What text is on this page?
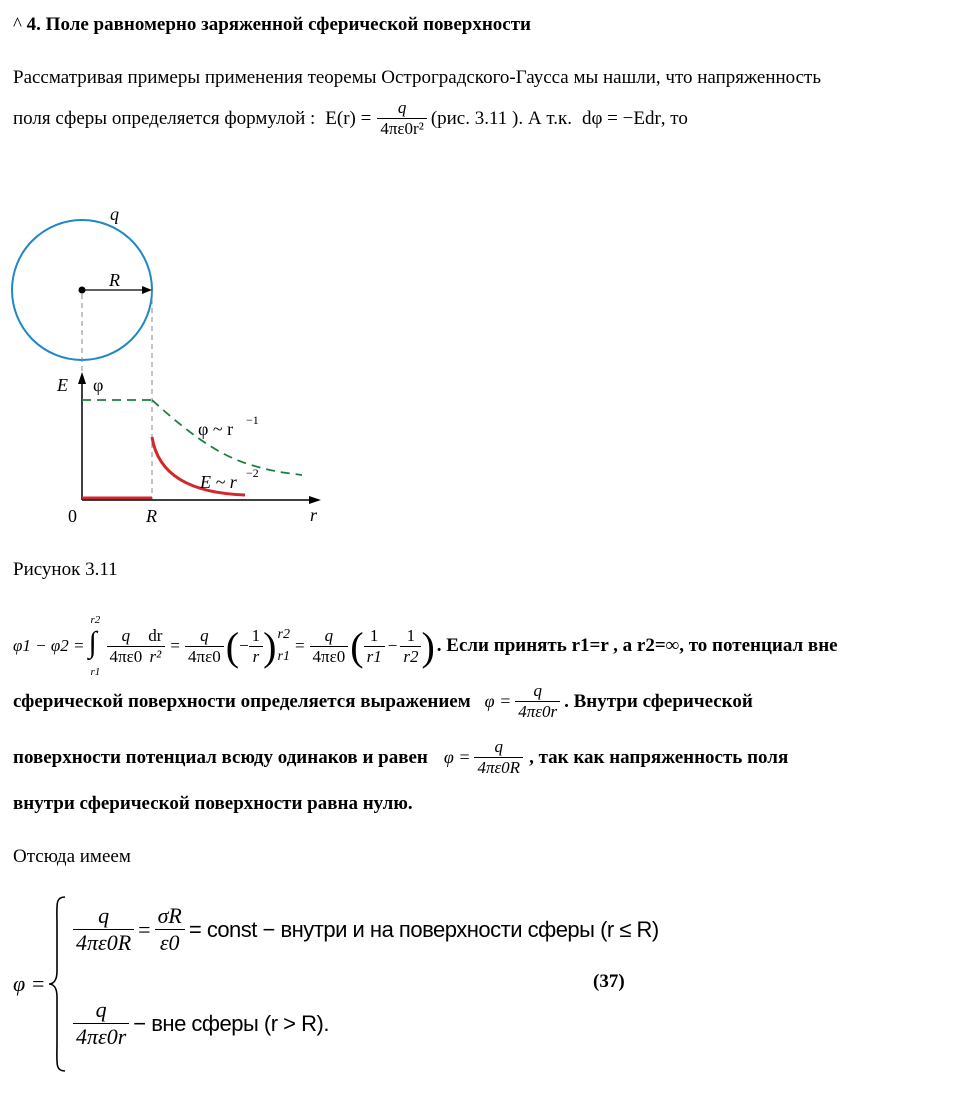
^ 4. Поле равномерно заряженной сферической поверхности
Рассматривая примеры применения теоремы Остроградского-Гаусса мы нашли, что напряженность
поля сферы определяется формулой : $E(r) = \frac{q}{\text{4πε0r²}} (рис$. 3.11 ). А т.к. dφ = −Edr , то
q
R
E φ
φ ~ r −1
E ~ r −2
0	R	r
Рисунок 3.11
φ1 − φ2 =
r2
∫
r1
$\frac{q}{4\pi\varepsilon 0} \frac{dr}{\text{r²}} = \frac{q}{4\pi\varepsilon 0}$ ( − $\frac{1}{r}$ ) r2
r1
= $\frac{q}{4\pi\varepsilon 0}$ ( $\frac{1}{r1} - \frac{1}{r2}$ ) . Если принять r1=r , а r2=∞, то потенциал вне
сферической поверхности определяется выражением $\varphi = \frac{q}{4\pi\varepsilon 0r}$ . Внутри сферической
поверхности потенциал всюду одинаков и равен $\varphi = \frac{q}{4\pi\varepsilon 0R}$ , так как напряженность поля
внутри сферической поверхности равна нулю.
Отсюда имеем
φ =
$\frac{q}{4\pi\varepsilon 0R} = \frac{\sigma R}{\varepsilon 0}$ = const − внутри и на поверхности сферы (r ≤ R)
(37)
$\frac{q}{4\pi\varepsilon 0r}$ − вне сферы (r > R).
